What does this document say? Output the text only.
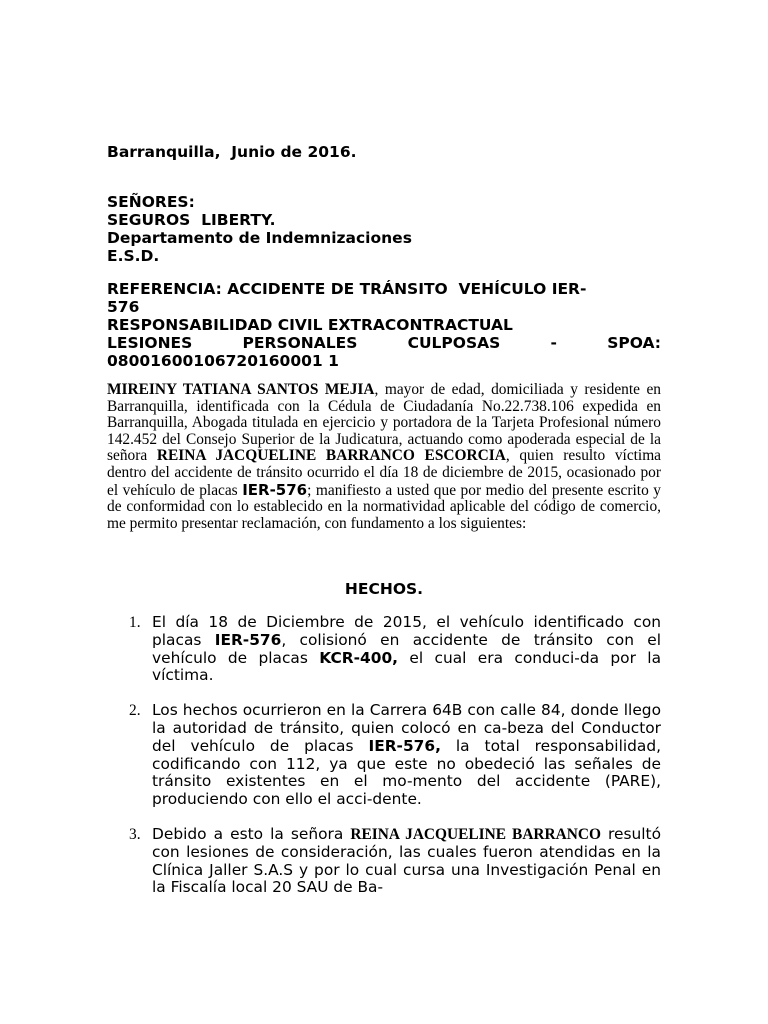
Barranquilla,  Junio de 2016.
SEÑORES:
SEGUROS  LIBERTY.
Departamento de Indemnizaciones
E.S.D.
REFERENCIA: ACCIDENTE DE TRÁNSITO  VEHÍCULO IER-
576
RESPONSABILIDAD CIVIL EXTRACONTRACTUAL
LESIONES	PERSONALES	CULPOSAS	-	SPOA:
08001600106720160001 1
MIREINY TATIANA SANTOS MEJIA, mayor de edad, domiciliada y residente en Barranquilla, identificada con la Cédula de Ciudadanía No.22.738.106 expedida en Barranquilla, Abogada titulada en ejercicio y portadora de la Tarjeta Profesional número 142.452 del Consejo Superior de la Judicatura, actuando como apoderada especial de la señora REINA JACQUELINE BARRANCO ESCORCIA, quien resulto víctima dentro del accidente de tránsito ocurrido el día 18 de diciembre de 2015, ocasionado por el vehículo de placas IER-576; manifiesto a usted que por medio del presente escrito y de conformidad con lo establecido en la normatividad aplicable del código de comercio, me permito presentar reclamación, con fundamento a los siguientes:
HECHOS.
1. El día 18 de Diciembre de 2015, el vehículo identificado con placas IER-576, colisionó en accidente de tránsito con el vehículo de placas KCR-400, el cual era conduci-da por la víctima.
2. Los hechos ocurrieron en la Carrera 64B con calle 84, donde llego la autoridad de tránsito, quien colocó en ca-beza del Conductor del vehículo de placas IER-576, la total responsabilidad, codificando con 112, ya que este no obedeció las señales de tránsito existentes en el mo-mento del accidente (PARE), produciendo con ello el acci-dente.
3. Debido a esto la señora REINA JACQUELINE BARRANCO resultó con lesiones de consideración, las cuales fueron atendidas en la Clínica Jaller S.A.S y por lo cual cursa una Investigación Penal en la Fiscalía local 20 SAU de Ba-
